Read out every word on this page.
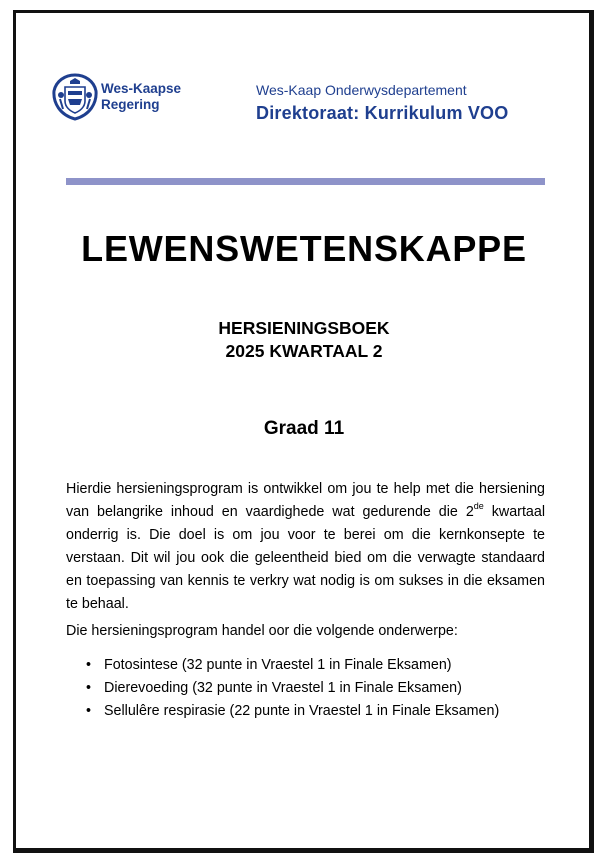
Wes-Kaapse
Regering
Wes-Kaap Onderwysdepartement
Direktoraat: Kurrikulum VOO
LEWENSWETENSKAPPE
HERSIENINGSBOEK
2025 KWARTAAL 2
Graad 11

Hierdie hersieningsprogram is ontwikkel om jou te help met die hersiening van belangrike inhoud en vaardighede wat gedurende die 2de kwartaal onderrig is. Die doel is om jou voor te berei om die kernkonsepte te verstaan. Dit wil jou ook die geleentheid bied om die verwagte standaard en toepassing van kennis te verkry wat nodig is om sukses in die eksamen te behaal.

Die hersieningsprogram handel oor die volgende onderwerpe:
• Fotosintese (32 punte in Vraestel 1 in Finale Eksamen)
• Dierevoeding (32 punte in Vraestel 1 in Finale Eksamen)
• Sellulêre respirasie (22 punte in Vraestel 1 in Finale Eksamen)
